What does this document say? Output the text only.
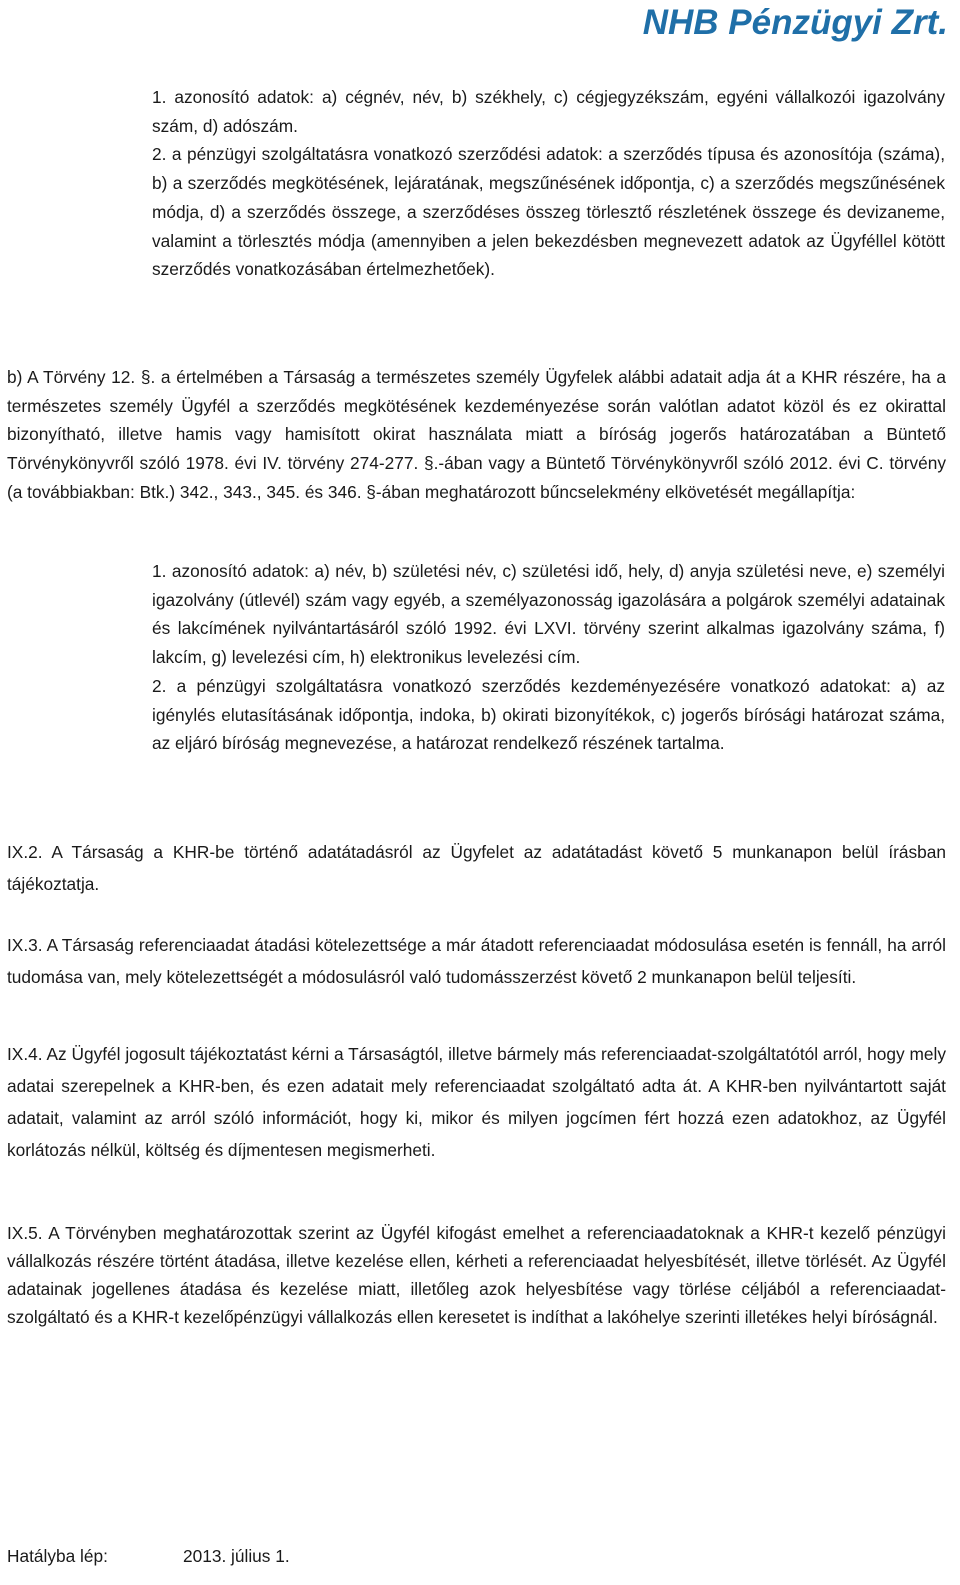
NHB Pénzügyi Zrt.

1. azonosító adatok: a) cégnév, név, b) székhely, c) cégjegyzékszám, egyéni vállalkozói igazolvány szám, d) adószám.

2. a pénzügyi szolgáltatásra vonatkozó szerződési adatok: a szerződés típusa és azonosítója (száma), b) a szerződés megkötésének, lejáratának, megszűnésének időpontja, c) a szerződés megszűnésének módja, d) a szerződés összege, a szerződéses összeg törlesztő részletének összege és devizaneme, valamint a törlesztés módja (amennyiben a jelen bekezdésben megnevezett adatok az Ügyféllel kötött szerződés vonatkozásában értelmezhetőek).

b) A Törvény 12. §. a értelmében a Társaság a természetes személy Ügyfelek alábbi adatait adja át a KHR részére, ha a természetes személy Ügyfél a szerződés megkötésének kezdeményezése során valótlan adatot közöl és ez okirattal bizonyítható, illetve hamis vagy hamisított okirat használata miatt a bíróság jogerős határozatában a Büntető Törvénykönyvről szóló 1978. évi IV. törvény 274-277. §.-ában vagy a Büntető Törvénykönyvről szóló 2012. évi C. törvény (a továbbiakban: Btk.) 342., 343., 345. és 346. §-ában meghatározott bűncselekmény elkövetését megállapítja:

1. azonosító adatok: a) név, b) születési név, c) születési idő, hely, d) anyja születési neve, e) személyi igazolvány (útlevél) szám vagy egyéb, a személyazonosság igazolására a polgárok személyi adatainak és lakcímének nyilvántartásáról szóló 1992. évi LXVI. törvény szerint alkalmas igazolvány száma, f) lakcím, g) levelezési cím, h) elektronikus levelezési cím.

2. a pénzügyi szolgáltatásra vonatkozó szerződés kezdeményezésére vonatkozó adatokat: a) az igénylés elutasításának időpontja, indoka, b) okirati bizonyítékok, c) jogerős bírósági határozat száma, az eljáró bíróság megnevezése, a határozat rendelkező részének tartalma.

IX.2. A Társaság a KHR-be történő adatátadásról az Ügyfelet az adatátadást követő 5 munkanapon belül írásban tájékoztatja.

IX.3. A Társaság referenciaadat átadási kötelezettsége a már átadott referenciaadat módosulása esetén is fennáll, ha arról tudomása van, mely kötelezettségét a módosulásról való tudomásszerzést követő 2 munkanapon belül teljesíti.

IX.4. Az Ügyfél jogosult tájékoztatást kérni a Társaságtól, illetve bármely más referenciaadat-szolgáltatótól arról, hogy mely adatai szerepelnek a KHR-ben, és ezen adatait mely referenciaadat szolgáltató adta át. A KHR-ben nyilvántartott saját adatait, valamint az arról szóló információt, hogy ki, mikor és milyen jogcímen fért hozzá ezen adatokhoz, az Ügyfél korlátozás nélkül, költség és díjmentesen megismerheti.

IX.5. A Törvényben meghatározottak szerint az Ügyfél kifogást emelhet a referenciaadatoknak a KHR-t kezelő pénzügyi vállalkozás részére történt átadása, illetve kezelése ellen, kérheti a referenciaadat helyesbítését, illetve törlését. Az Ügyfél adatainak jogellenes átadása és kezelése miatt, illetőleg azok helyesbítése vagy törlése céljából a referenciaadat-szolgáltató és a KHR-t kezelőpénzügyi vállalkozás ellen keresetet is indíthat a lakóhelye szerinti illetékes helyi bíróságnál.

Hatályba lép:	2013. július 1.
